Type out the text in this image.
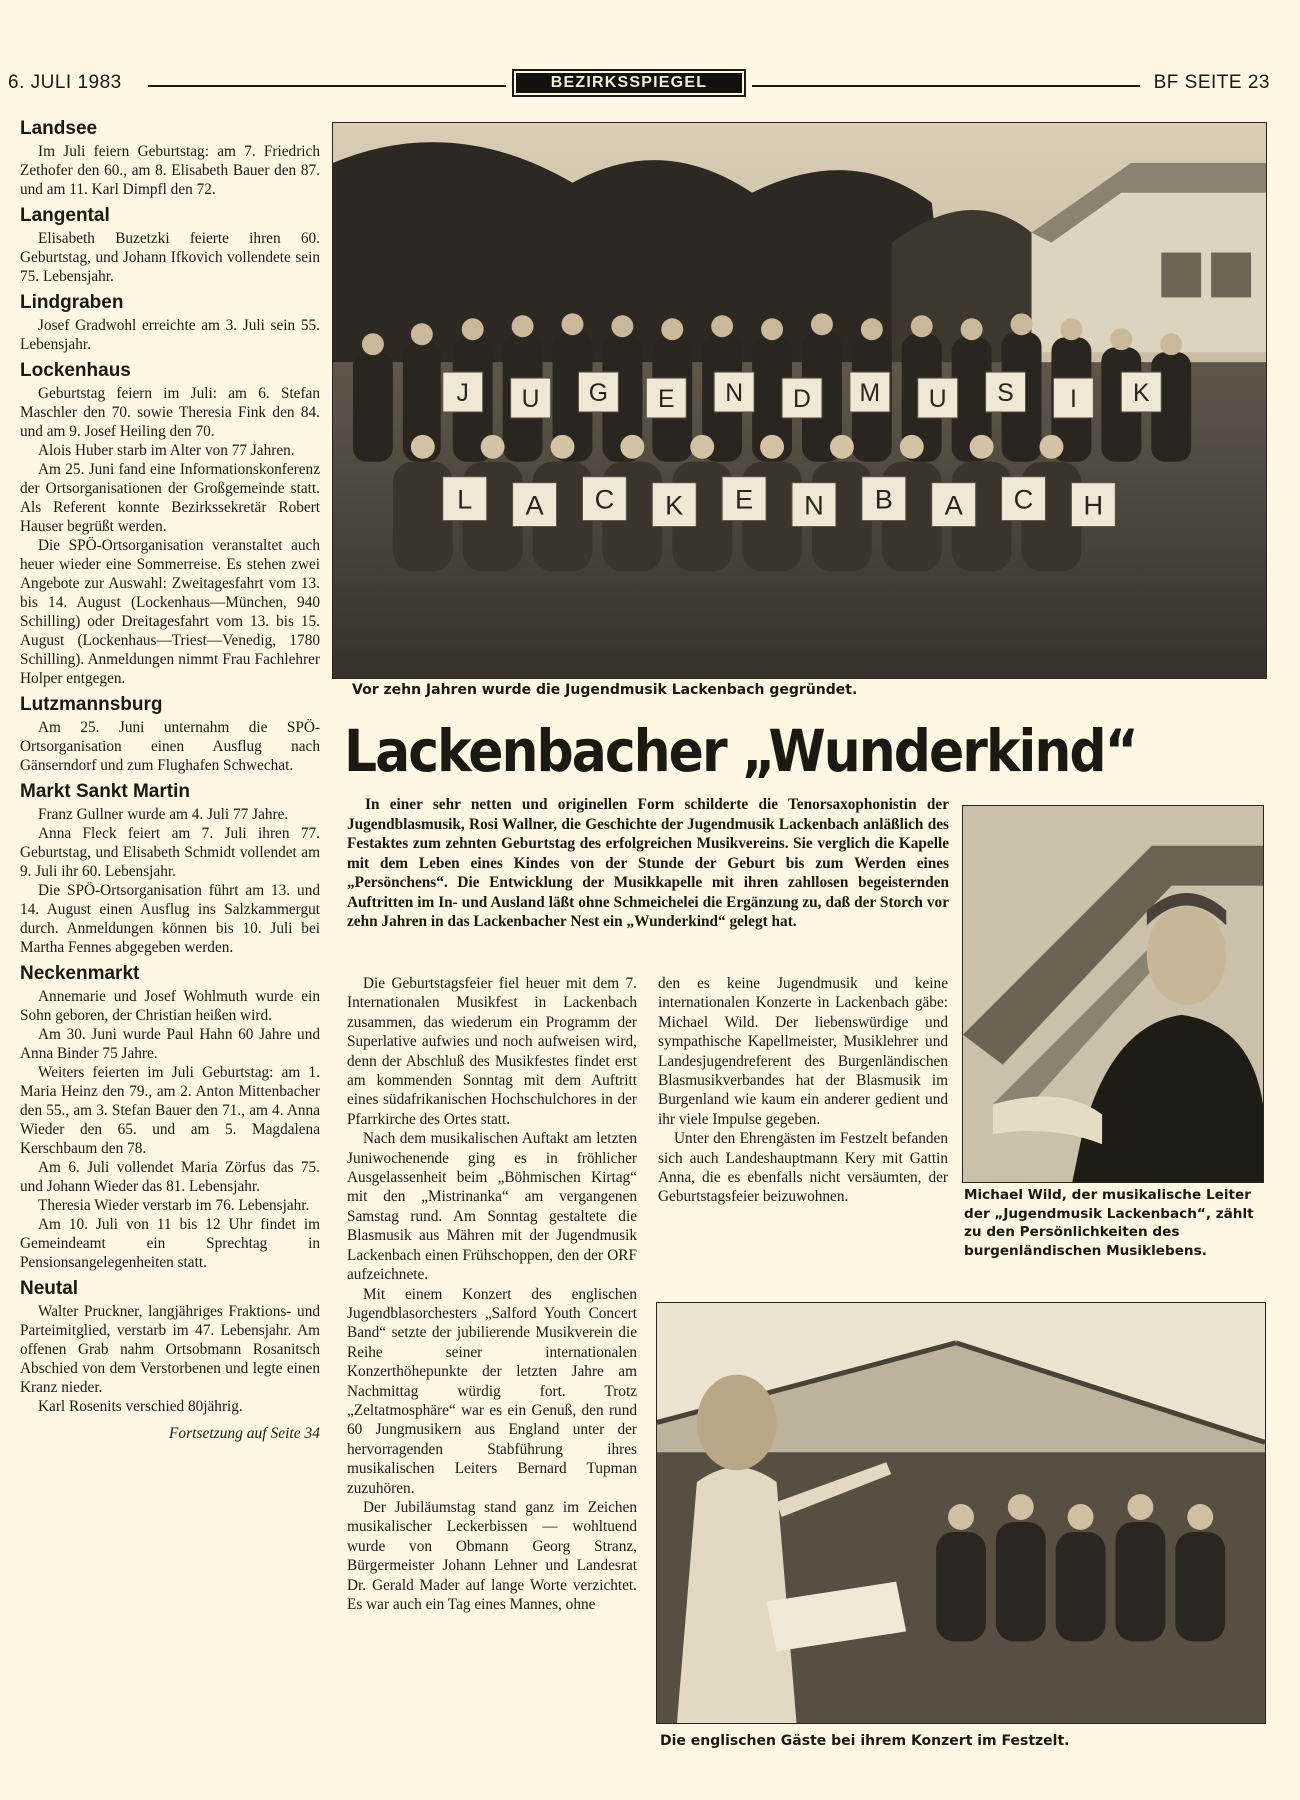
6. JULI 1983	BEZIRKSSPIEGEL	BF SEITE 23
Landsee

Im Juli feiern Geburtstag: am 7. Friedrich Zethofer den 60., am 8. Elisabeth Bauer den 87. und am 11. Karl Dimpfl den 72.

Langental

Elisabeth Buzetzki feierte ihren 60. Geburtstag, und Johann Ifkovich vollendete sein 75. Lebensjahr.

Lindgraben

Josef Gradwohl erreichte am 3. Juli sein 55. Lebensjahr.

Lockenhaus

Geburtstag feiern im Juli: am 6. Stefan Maschler den 70. sowie Theresia Fink den 84. und am 9. Josef Heiling den 70.

Alois Huber starb im Alter von 77 Jahren.

Am 25. Juni fand eine Informationskonferenz der Ortsorganisationen der Großgemeinde statt. Als Referent konnte Bezirkssekretär Robert Hauser begrüßt werden.

Die SPÖ-Ortsorganisation veranstaltet auch heuer wieder eine Sommerreise. Es stehen zwei Angebote zur Auswahl: Zweitagesfahrt vom 13. bis 14. August (Lockenhaus—München, 940 Schilling) oder Dreitagesfahrt vom 13. bis 15. August (Lockenhaus—Triest—Venedig, 1780 Schilling). Anmeldungen nimmt Frau Fachlehrer Holper entgegen.

Lutzmannsburg

Am 25. Juni unternahm die SPÖ-Ortsorganisation einen Ausflug nach Gänserndorf und zum Flughafen Schwechat.

Markt Sankt Martin

Franz Gullner wurde am 4. Juli 77 Jahre.

Anna Fleck feiert am 7. Juli ihren 77. Geburtstag, und Elisabeth Schmidt vollendet am 9. Juli ihr 60. Lebensjahr.

Die SPÖ-Ortsorganisation führt am 13. und 14. August einen Ausflug ins Salzkammergut durch. Anmeldungen können bis 10. Juli bei Martha Fennes abgegeben werden.

Neckenmarkt

Annemarie und Josef Wohlmuth wurde ein Sohn geboren, der Christian heißen wird.

Am 30. Juni wurde Paul Hahn 60 Jahre und Anna Binder 75 Jahre.

Weiters feierten im Juli Geburtstag: am 1. Maria Heinz den 79., am 2. Anton Mittenbacher den 55., am 3. Stefan Bauer den 71., am 4. Anna Wieder den 65. und am 5. Magdalena Kerschbaum den 78.

Am 6. Juli vollendet Maria Zörfus das 75. und Johann Wieder das 81. Lebensjahr.

Theresia Wieder verstarb im 76. Lebensjahr.

Am 10. Juli von 11 bis 12 Uhr findet im Gemeindeamt ein Sprechtag in Pensionsangelegenheiten statt.

Neutal

Walter Pruckner, langjähriges Fraktions- und Parteimitglied, verstarb im 47. Lebensjahr. Am offenen Grab nahm Ortsobmann Rosanitsch Abschied von dem Verstorbenen und legte einen Kranz nieder.

Karl Rosenits verschied 80jährig.

Fortsetzung auf Seite 34

J U G E N D M U S I K
L A C K E N B A C H
Vor zehn Jahren wurde die Jugendmusik Lackenbach gegründet.
Lackenbacher „Wunderkind“

In einer sehr netten und originellen Form schilderte die Tenorsaxophonistin der Jugendblasmusik, Rosi Wallner, die Geschichte der Jugendmusik Lackenbach anläßlich des Festaktes zum zehnten Geburtstag des erfolgreichen Musikvereins. Sie verglich die Kapelle mit dem Leben eines Kindes von der Stunde der Geburt bis zum Werden eines „Persönchens“. Die Entwicklung der Musikkapelle mit ihren zahllosen begeisternden Auftritten im In- und Ausland läßt ohne Schmeichelei die Ergänzung zu, daß der Storch vor zehn Jahren in das Lackenbacher Nest ein „Wunderkind“ gelegt hat.

Die Geburtstagsfeier fiel heuer mit dem 7. Internationalen Musikfest in Lackenbach zusammen, das wiederum ein Programm der Superlative aufwies und noch aufweisen wird, denn der Abschluß des Musikfestes findet erst am kommenden Sonntag mit dem Auftritt eines südafrikanischen Hochschulchores in der Pfarrkirche des Ortes statt.

Nach dem musikalischen Auftakt am letzten Juniwochenende ging es in fröhlicher Ausgelassenheit beim „Böhmischen Kirtag“ mit den „Mistrinanka“ am vergangenen Samstag rund. Am Sonntag gestaltete die Blasmusik aus Mähren mit der Jugendmusik Lackenbach einen Frühschoppen, den der ORF aufzeichnete.

Mit einem Konzert des englischen Jugendblasorchesters „Salford Youth Concert Band“ setzte der jubilierende Musikverein die Reihe seiner internationalen Konzerthöhepunkte der letzten Jahre am Nachmittag würdig fort. Trotz „Zeltatmosphäre“ war es ein Genuß, den rund 60 Jungmusikern aus England unter der hervorragenden Stabführung ihres musikalischen Leiters Bernard Tupman zuzuhören.

Der Jubiläumstag stand ganz im Zeichen musikalischer Leckerbissen — wohltuend wurde von Obmann Georg Stranz, Bürgermeister Johann Lehner und Landesrat Dr. Gerald Mader auf lange Worte verzichtet. Es war auch ein Tag eines Mannes, ohne

den es keine Jugendmusik und keine internationalen Konzerte in Lackenbach gäbe: Michael Wild. Der liebenswürdige und sympathische Kapellmeister, Musiklehrer und Landesjugendreferent des Burgenländischen Blasmusikverbandes hat der Blasmusik im Burgenland wie kaum ein anderer gedient und ihr viele Impulse gegeben.

Unter den Ehrengästen im Festzelt befanden sich auch Landeshauptmann Kery mit Gattin Anna, die es ebenfalls nicht versäumten, der Geburtstagsfeier beizuwohnen.	Michael Wild, der musikalische Leiter der „Jugendmusik Lackenbach“, zählt zu den Persönlichkeiten des burgenländischen Musiklebens.
Die englischen Gäste bei ihrem Konzert im Festzelt.
